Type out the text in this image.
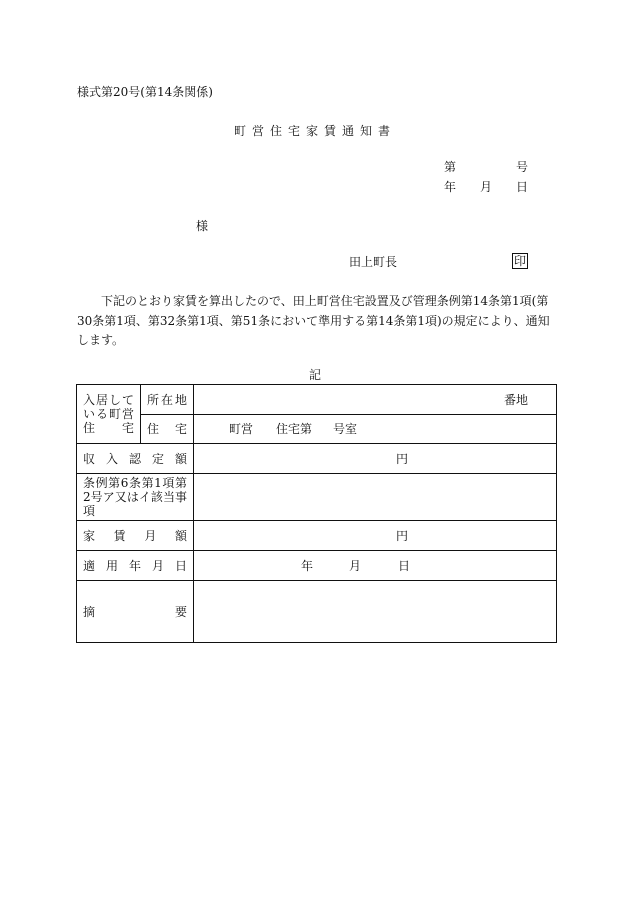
様式第20号(第14条関係)
町営住宅家賃通知書
第	号
年 月 日
様
田上町長	印
下記のとおり家賃を算出したので、田上町営住宅設置及び管理条例第14条第1項(第30条第1項、第32条第1項、第51条において準用する第14条第1項)の規定により、通知します。
記
入居している町営住宅	所 在 地	番地

	住 宅	町営 住宅第 号室

収 入 認 定 額		円

条例第6条第1項第2号ア又はイ該当事項		

家 賃 月 額		円

適 用 年 月 日		年 月 日

摘 要		
